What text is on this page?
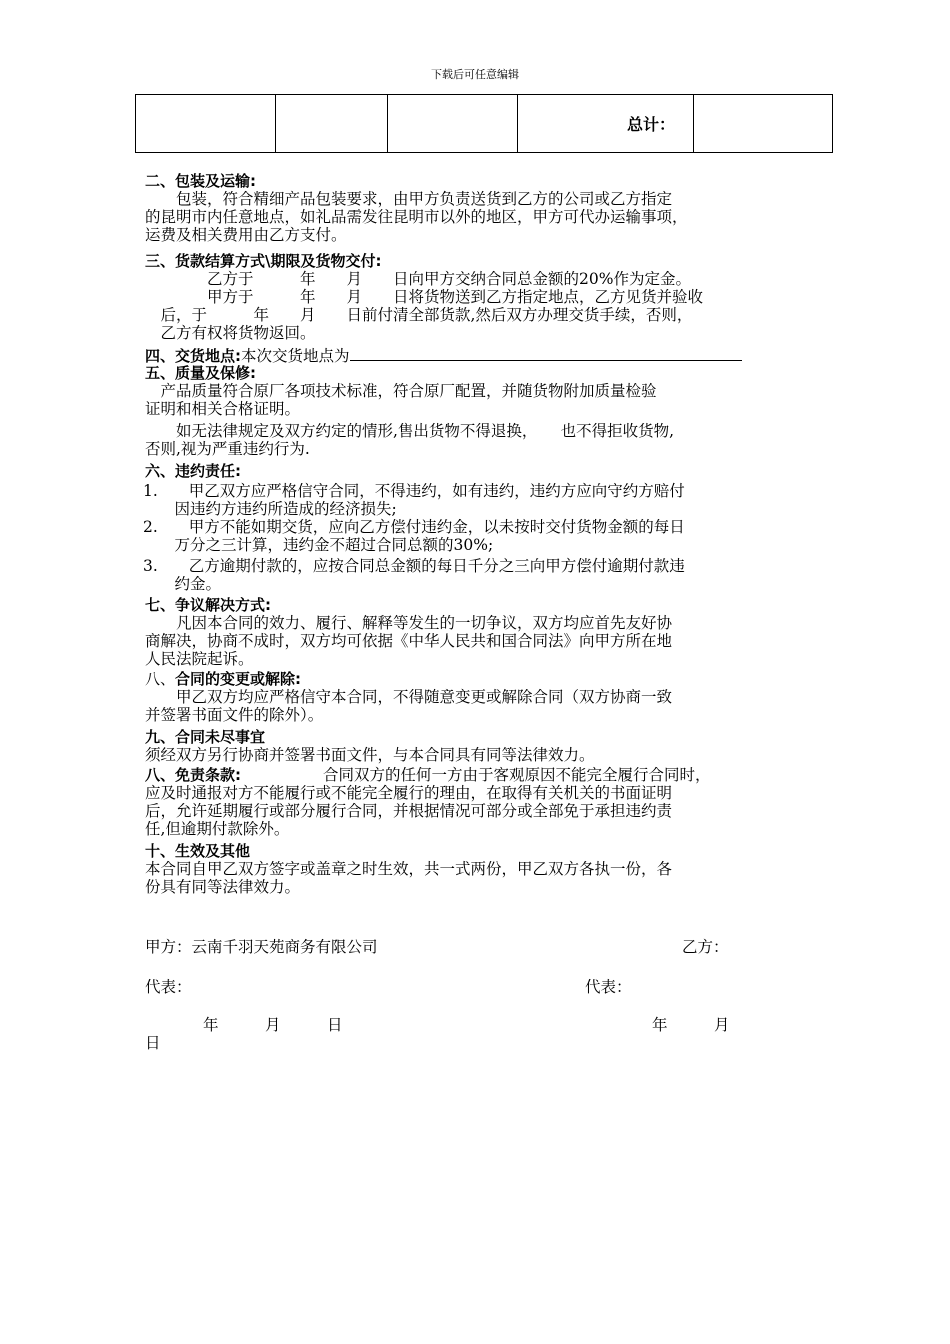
下载后可任意编辑
			总计：	
二、包装及运输:
　　包装，符合精细产品包装要求，由甲方负责送货到乙方的公司或乙方指定
的昆明市内任意地点，如礼品需发往昆明市以外的地区，甲方可代办运输事项，
运费及相关费用由乙方支付。
三、货款结算方式\期限及货物交付:
　　　　乙方于　　　年　　月　　日向甲方交纳合同总金额的20%作为定金。
　　　　甲方于　　　年　　月　　日将货物送到乙方指定地点，乙方见货并验收
　后，于　　　年　　月　　日前付清全部货款,然后双方办理交货手续，否则，
　乙方有权将货物返回。
四、交货地点:本次交货地点为
五、质量及保修:
　产品质量符合原厂各项技术标准，符合原厂配置，并随货物附加质量检验
证明和相关合格证明。
　　如无法律规定及双方约定的情形,售出货物不得退换，　　也不得拒收货物,
否则,视为严重违约行为.
六、违约责任:
1.　　甲乙双方应严格信守合同，不得违约，如有违约，违约方应向守约方赔付
　因违约方违约所造成的经济损失;
2.　　甲方不能如期交货，应向乙方偿付违约金，以未按时交付货物金额的每日
　万分之三计算，违约金不超过合同总额的30%;
3.　　乙方逾期付款的，应按合同总金额的每日千分之三向甲方偿付逾期付款违
　约金。
七、争议解决方式:
　　凡因本合同的效力、履行、解释等发生的一切争议，双方均应首先友好协
商解决，协商不成时，双方均可依据《中华人民共和国合同法》向甲方所在地
人民法院起诉。
八、合同的变更或解除:
　　甲乙双方均应严格信守本合同，不得随意变更或解除合同（双方协商一致
并签署书面文件的除外）。
九、合同未尽事宜
须经双方另行协商并签署书面文件，与本合同具有同等法律效力。
八、免责条款:	合同双方的任何一方由于客观原因不能完全履行合同时，
应及时通报对方不能履行或不能完全履行的理由，在取得有关机关的书面证明
后，允许延期履行或部分履行合同，并根据情况可部分或全部免于承担违约责
任,但逾期付款除外。
十、生效及其他
本合同自甲乙双方签字或盖章之时生效，共一式两份，甲乙双方各执一份，各
份具有同等法律效力。
甲方：云南千羽天苑商务有限公司	乙方：
代表：	代表：
年　　　月　　　日	年　　　月
日
